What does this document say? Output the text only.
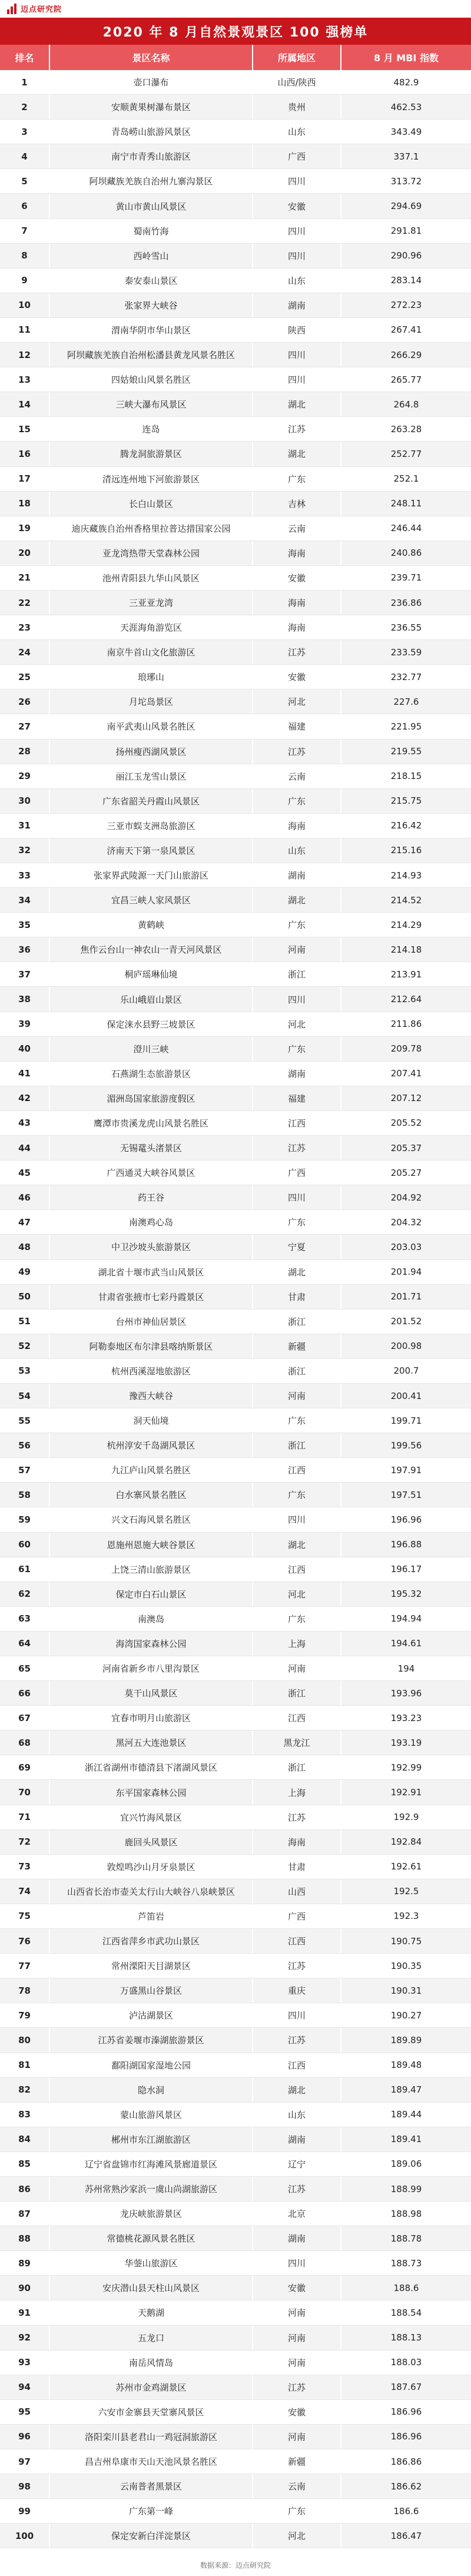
迈点研究院
2020 年 8 月自然景观景区 100 强榜单
排名	景区名称	所属地区	8 月 MBI 指数
1	壶口瀑布	山西/陕西	482.9
2	安顺黄果树瀑布景区	贵州	462.53
3	青岛崂山旅游风景区	山东	343.49
4	南宁市青秀山旅游区	广西	337.1
5	阿坝藏族羌族自治州九寨沟景区	四川	313.72
6	黄山市黄山风景区	安徽	294.69
7	蜀南竹海	四川	291.81
8	西岭雪山	四川	290.96
9	泰安泰山景区	山东	283.14
10	张家界大峡谷	湖南	272.23
11	渭南华阴市华山景区	陕西	267.41
12	阿坝藏族羌族自治州松潘县黄龙风景名胜区	四川	266.29
13	四姑娘山风景名胜区	四川	265.77
14	三峡大瀑布风景区	湖北	264.8
15	连岛	江苏	263.28
16	腾龙洞旅游景区	湖北	252.77
17	清远连州地下河旅游景区	广东	252.1
18	长白山景区	吉林	248.11
19	迪庆藏族自治州香格里拉普达措国家公园	云南	246.44
20	亚龙湾热带天堂森林公园	海南	240.86
21	池州青阳县九华山风景区	安徽	239.71
22	三亚亚龙湾	海南	236.86
23	天涯海角游览区	海南	236.55
24	南京牛首山文化旅游区	江苏	233.59
25	琅琊山	安徽	232.77
26	月坨岛景区	河北	227.6
27	南平武夷山风景名胜区	福建	221.95
28	扬州瘦西湖风景区	江苏	219.55
29	丽江玉龙雪山景区	云南	218.15
30	广东省韶关丹霞山风景区	广东	215.75
31	三亚市蜈支洲岛旅游区	海南	216.42
32	济南天下第一泉风景区	山东	215.16
33	张家界武陵源一天门山旅游区	湖南	214.93
34	宜昌三峡人家风景区	湖北	214.52
35	黄鹤峡	广东	214.29
36	焦作云台山一神农山一青天河风景区	河南	214.18
37	桐庐瑶琳仙境	浙江	213.91
38	乐山峨眉山景区	四川	212.64
39	保定涞水县野三坡景区	河北	211.86
40	澄川三峡	广东	209.78
41	石燕湖生态旅游景区	湖南	207.41
42	湄洲岛国家旅游度假区	福建	207.12
43	鹰潭市贵溪龙虎山风景名胜区	江西	205.52
44	无锡鼋头渚景区	江苏	205.37
45	广西通灵大峡谷风景区	广西	205.27
46	药王谷	四川	204.92
47	南澳鸡心岛	广东	204.32
48	中卫沙坡头旅游景区	宁夏	203.03
49	湖北省十堰市武当山风景区	湖北	201.94
50	甘肃省张掖市七彩丹霞景区	甘肃	201.71
51	台州市神仙居景区	浙江	201.52
52	阿勒泰地区布尔津县喀纳斯景区	新疆	200.98
53	杭州西溪湿地旅游区	浙江	200.7
54	豫西大峡谷	河南	200.41
55	洞天仙境	广东	199.71
56	杭州淳安千岛湖风景区	浙江	199.56
57	九江庐山风景名胜区	江西	197.91
58	白水寨风景名胜区	广东	197.51
59	兴文石海风景名胜区	四川	196.96
60	恩施州恩施大峡谷景区	湖北	196.88
61	上饶三清山旅游景区	江西	196.17
62	保定市白石山景区	河北	195.32
63	南澳岛	广东	194.94
64	海湾国家森林公园	上海	194.61
65	河南省新乡市八里沟景区	河南	194
66	莫干山风景区	浙江	193.96
67	宜春市明月山旅游区	江西	193.23
68	黑河五大连池景区	黑龙江	193.19
69	浙江省湖州市德清县下渚湖风景区	浙江	192.99
70	东平国家森林公园	上海	192.91
71	宜兴竹海风景区	江苏	192.9
72	鹿回头风景区	海南	192.84
73	敦煌鸣沙山月牙泉景区	甘肃	192.61
74	山西省长治市壶关太行山大峡谷八泉峡景区	山西	192.5
75	芦笛岩	广西	192.3
76	江西省萍乡市武功山景区	江西	190.75
77	常州溧阳天目湖景区	江苏	190.35
78	万盛黑山谷景区	重庆	190.31
79	泸沽湖景区	四川	190.27
80	江苏省姜堰市溱湖旅游景区	江苏	189.89
81	鄱阳湖国家湿地公园	江西	189.48
82	隐水洞	湖北	189.47
83	蒙山旅游风景区	山东	189.44
84	郴州市东江湖旅游区	湖南	189.41
85	辽宁省盘锦市红海滩风景廊道景区	辽宁	189.06
86	苏州常熟沙家浜一虞山尚湖旅游区	江苏	188.99
87	龙庆峡旅游景区	北京	188.98
88	常德桃花源风景名胜区	湖南	188.78
89	华蓥山旅游区	四川	188.73
90	安庆潜山县天柱山风景区	安徽	188.6
91	天鹅湖	河南	188.54
92	五龙口	河南	188.13
93	南岳风情岛	河南	188.03
94	苏州市金鸡湖景区	江苏	187.67
95	六安市金寨县天堂寨风景区	安徽	186.96
96	洛阳栾川县老君山一鸡冠洞旅游区	河南	186.96
97	昌吉州阜康市天山天池风景名胜区	新疆	186.86
98	云南普者黑景区	云南	186.62
99	广东第一峰	广东	186.6
100	保定安新白洋淀景区	河北	186.47
数据来源：迈点研究院
